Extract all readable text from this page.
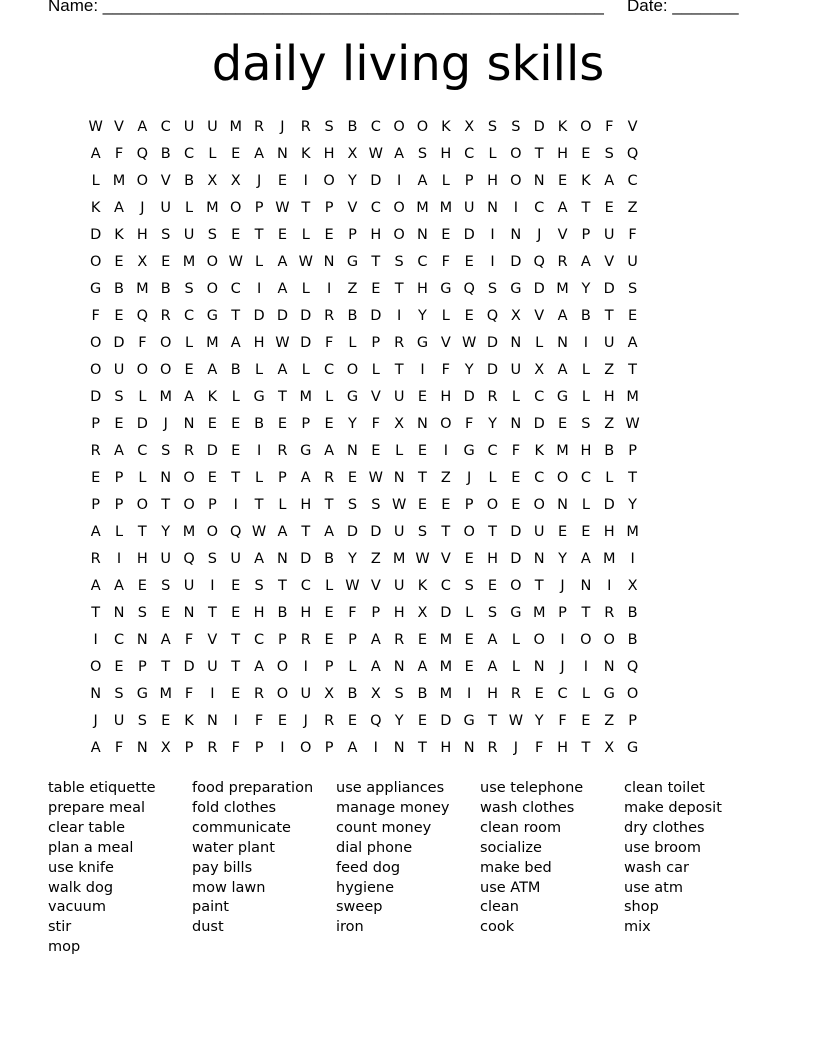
Name: _____________________________________________________ Date: _______
daily living skills
W V A C U U M R	J	R S B C O O K X S S D K O F V
A F Q B C L	E A N K H X W A S H C L O T H E S Q
L M O V B X X	J	E	I	O Y D	I	A L	P H O N E K A C
K A	J	U L M O P W T	P V C O M M U N	I	C A T E Z
D K H S U S E T E	L	E P H O N E D	I	N	J	V P U F
O E X E M O W L A W N G T S C F	E	I	D Q R A V U
G B M B S O C	I	A L	I	Z E T H G Q S G D M Y D S
F	E Q R C G T D D D R B D	I	Y	L	E Q X V A B T E
O D F O L M A H W D F	L	P R G V W D N L N	I	U A
O U O O E A B L A L C O L	T	I	F	Y D U X A L Z T
D S	L M A K	L G T M L G V U E H D R L C G L H M
P E D	J	N E E B E P E Y	F X N O F	Y N D E S Z W
R A C S R D E	I	R G A N E	L	E	I	G C F K M H B P
E P	L N O E T	L	P A R E W N T Z	J	L	E C O C L	T
P	P O T O P	I	T	L H T S S W E E P O E O N L D Y
A L	T Y M O Q W A T A D D U S T O T D U E E H M
R	I	H U Q S U A N D B Y Z M W V E H D N Y A M	I
A A E S U	I	E S T C L W V U K C S E O T	J	N	I	X
T N S E N T E H B H E	F	P H X D L	S G M P	T R B
I	C N A F V T C P R E P A R E M E A L O	I	O O B
O E P	T D U T A O	I	P	L A N A M E A L N	J	I	N Q
N S G M F	I	E R O U X B X S B M	I	H R E C L G O
J	U S E K N	I	F	E	J	R E Q Y E D G T W Y	F	E Z P
A F N X P R F	P	I	O P A	I	N T H N R	J	F H T X G
table etiquette
prepare meal
clear table
plan a meal
use knife
walk dog
vacuum
stir
mop
food preparation
fold clothes
communicate
water plant
pay bills
mow lawn
paint
dust
use appliances
manage money
count money
dial phone
feed dog
hygiene
sweep
iron
use telephone
wash clothes
clean room
socialize
make bed
use ATM
clean
cook
clean toilet
make deposit
dry clothes
use broom
wash car
use atm
shop
mix
